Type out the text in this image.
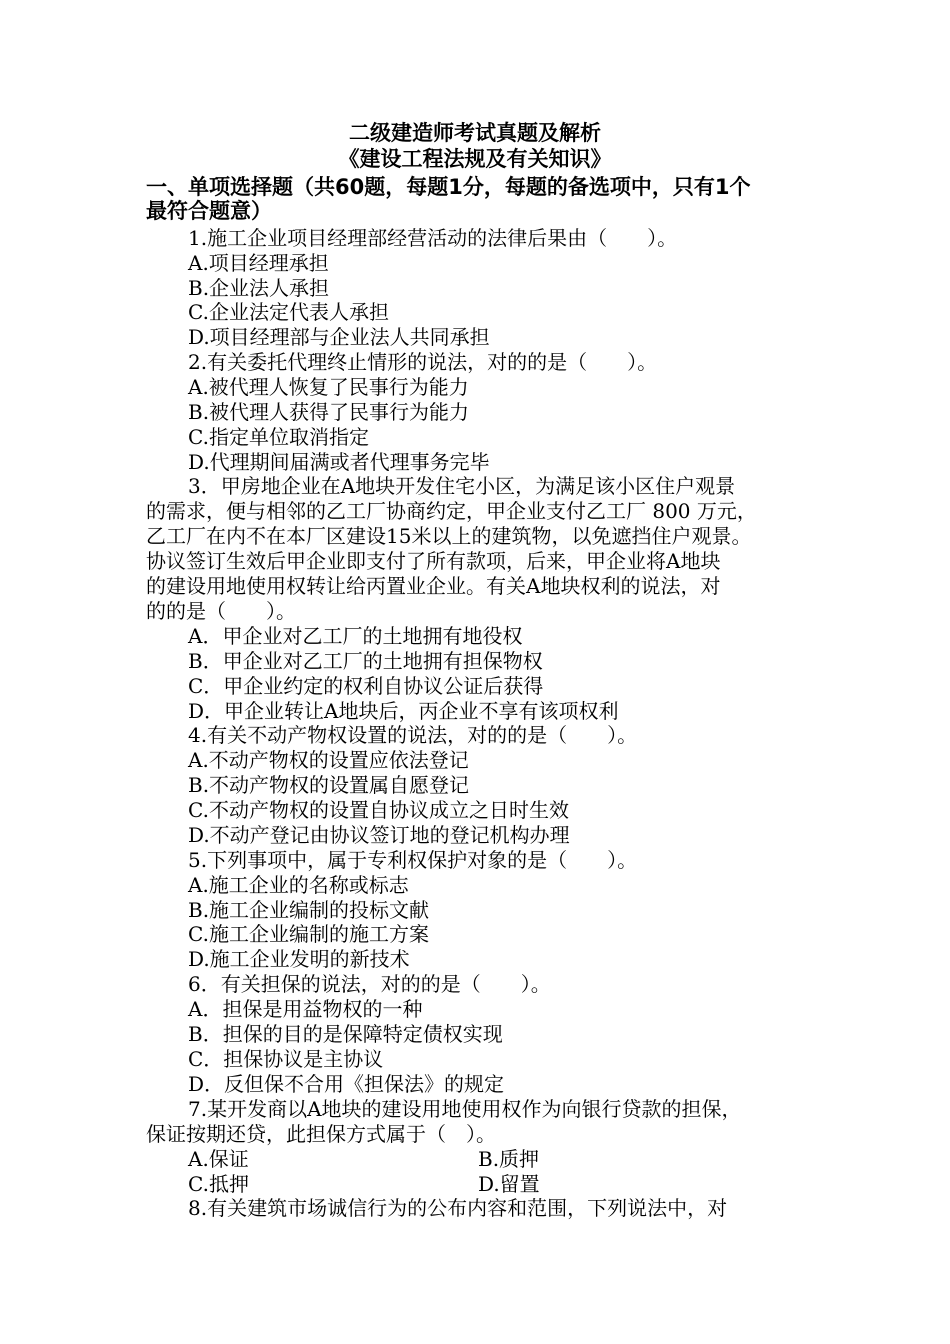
二级建造师考试真题及解析
《建设工程法规及有关知识》
一、单项选择题（共60题，每题1分，每题的备选项中，只有1个
最符合题意）
1.施工企业项目经理部经营活动的法律后果由（　　）。
A.项目经理承担
B.企业法人承担
C.企业法定代表人承担
D.项目经理部与企业法人共同承担
2.有关委托代理终止情形的说法，对的的是（　　）。
A.被代理人恢复了民事行为能力
B.被代理人获得了民事行为能力
C.指定单位取消指定
D.代理期间届满或者代理事务完毕
3．甲房地企业在A地块开发住宅小区，为满足该小区住户观景
的需求，便与相邻的乙工厂协商约定，甲企业支付乙工厂 800 万元，
乙工厂在内不在本厂区建设15米以上的建筑物，以免遮挡住户观景。
协议签订生效后甲企业即支付了所有款项，后来，甲企业将A地块
的建设用地使用权转让给丙置业企业。有关A地块权利的说法，对
的的是（　　）。
A．甲企业对乙工厂的土地拥有地役权
B．甲企业对乙工厂的土地拥有担保物权
C．甲企业约定的权利自协议公证后获得
D．甲企业转让A地块后，丙企业不享有该项权利
4.有关不动产物权设置的说法，对的的是（　　）。
A.不动产物权的设置应依法登记
B.不动产物权的设置属自愿登记
C.不动产物权的设置自协议成立之日时生效
D.不动产登记由协议签订地的登记机构办理
5.下列事项中，属于专利权保护对象的是（　　）。
A.施工企业的名称或标志
B.施工企业编制的投标文献
C.施工企业编制的施工方案
D.施工企业发明的新技术
6．有关担保的说法，对的的是（　　）。
A．担保是用益物权的一种
B．担保的目的是保障特定债权实现
C．担保协议是主协议
D．反但保不合用《担保法》的规定
7.某开发商以A地块的建设用地使用权作为向银行贷款的担保，
保证按期还贷，此担保方式属于（　）。
A.保证	B.质押
C.抵押	D.留置
8.有关建筑市场诚信行为的公布内容和范围，下列说法中，对
